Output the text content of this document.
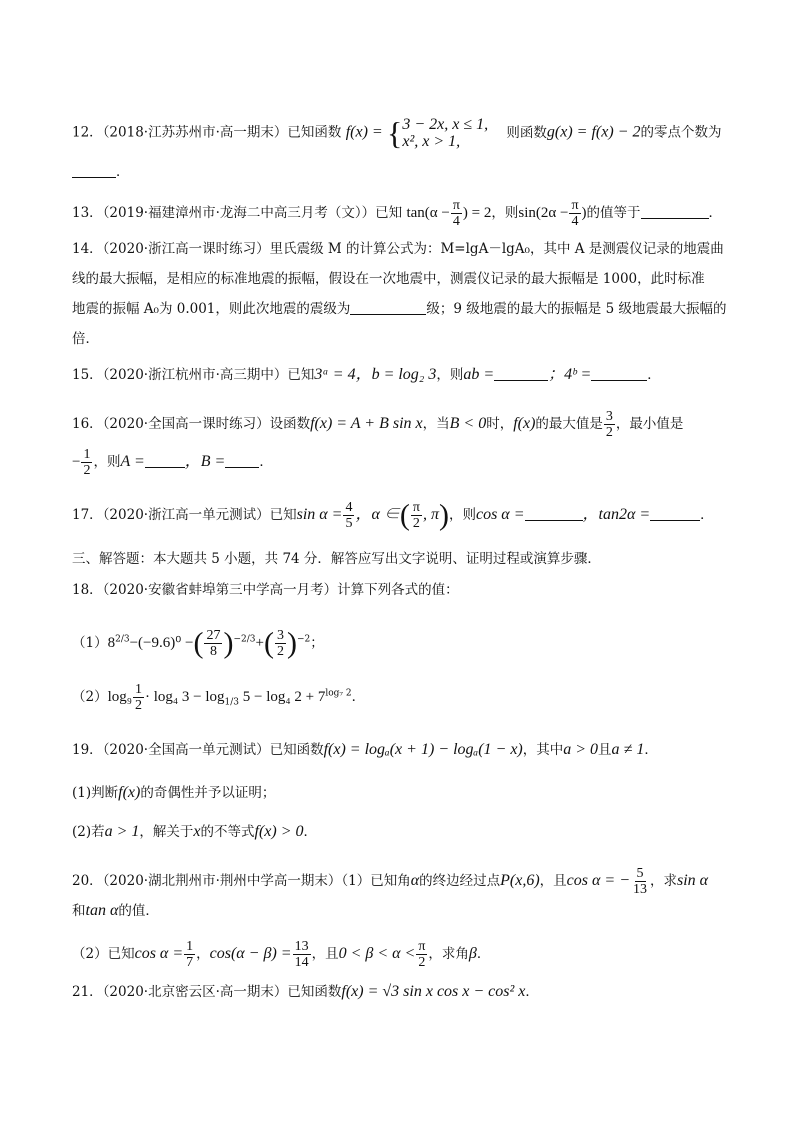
12．（2018·江苏苏州市·高一期末）已知函数 f(x) = { 3 − 2x, x ≤ 1,
x², x > 1,
则函数g(x) = f(x) − 2的零点个数为
．
13．（2019·福建漳州市·龙海二中高三月考（文））已知 $\tan(\alpha - \frac{\pi}{4}$ ) = 2，则$\sin(2\alpha - \frac{\pi}{4}$ )的值等于	．
14．（2020·浙江高一课时练习）里氏震级 M 的计算公式为：M=lgA－lgA₀，其中 A 是测震仪记录的地震曲
线的最大振幅，是相应的标准地震的振幅，假设在一次地震中，测震仪记录的最大振幅是 1000，此时标准
地震的振幅 A₀为 0.001，则此次地震的震级为	级；9 级地震的最大的振幅是 5 级地震最大振幅的
倍．
15．（2020·浙江杭州市·高三期中）已知3ᵃ = 4，b = log₂ 3，则ab =	；4ᵇ =	．
16．（2020·全国高一课时练习）设函数f(x) = A + B sin x，当B < 0时，f(x)的最大值是 $\frac{3}{2}$ ，最小值是
− $\frac{1}{2}$ ，则A =	，B =	．
17．（2020·浙江高一单元测试）已知$\sin \alpha = \frac{4}{5}$ ，α ∈( $\frac{\pi}{2}$ , π)，则cos α =	，tan2α =	．
三、解答题：本大题共 5 小题，共 74 分．解答应写出文字说明、证明过程或演算步骤．
18．（2020·安徽省蚌埠第三中学高一月考）计算下列各式的值：
$(1)8^{2/3}-(-9.6)^0$ −( $\frac{27}{8} )^{-2/3}+( \frac{3}{2} )^{-2}$；
$(2)\log_9 \frac{1}{2} \cdot \log_4$ $3 - \log_{1/3} 5 - \log_4$ $2 + 7^{log_7 2}$．
19．（2020·全国高一单元测试）已知函数f(x) = logₐ(x + 1) − logₐ(1 − x)，其中a > 0且a ≠ 1．
(1)判断f(x)的奇偶性并予以证明；
(2)若a > 1，解关于x的不等式f(x) > 0．
20．（2020·湖北荆州市·荆州中学高一期末）（1）已知角α的终边经过点P(x,6)，且cos α = − $\frac{5}{13}$ ，求sin α
和tan α的值．
（2）已知$\cos \alpha = \frac{1}{7}$ ，$\cos(\alpha - \beta) = \frac{13}{14}$ ，且$0 < \beta < \alpha < \frac{\pi}{2}$ ，求角β．
21．（2020·北京密云区·高一期末）已知函数f(x) = √3 sin x cos x − cos² x．
